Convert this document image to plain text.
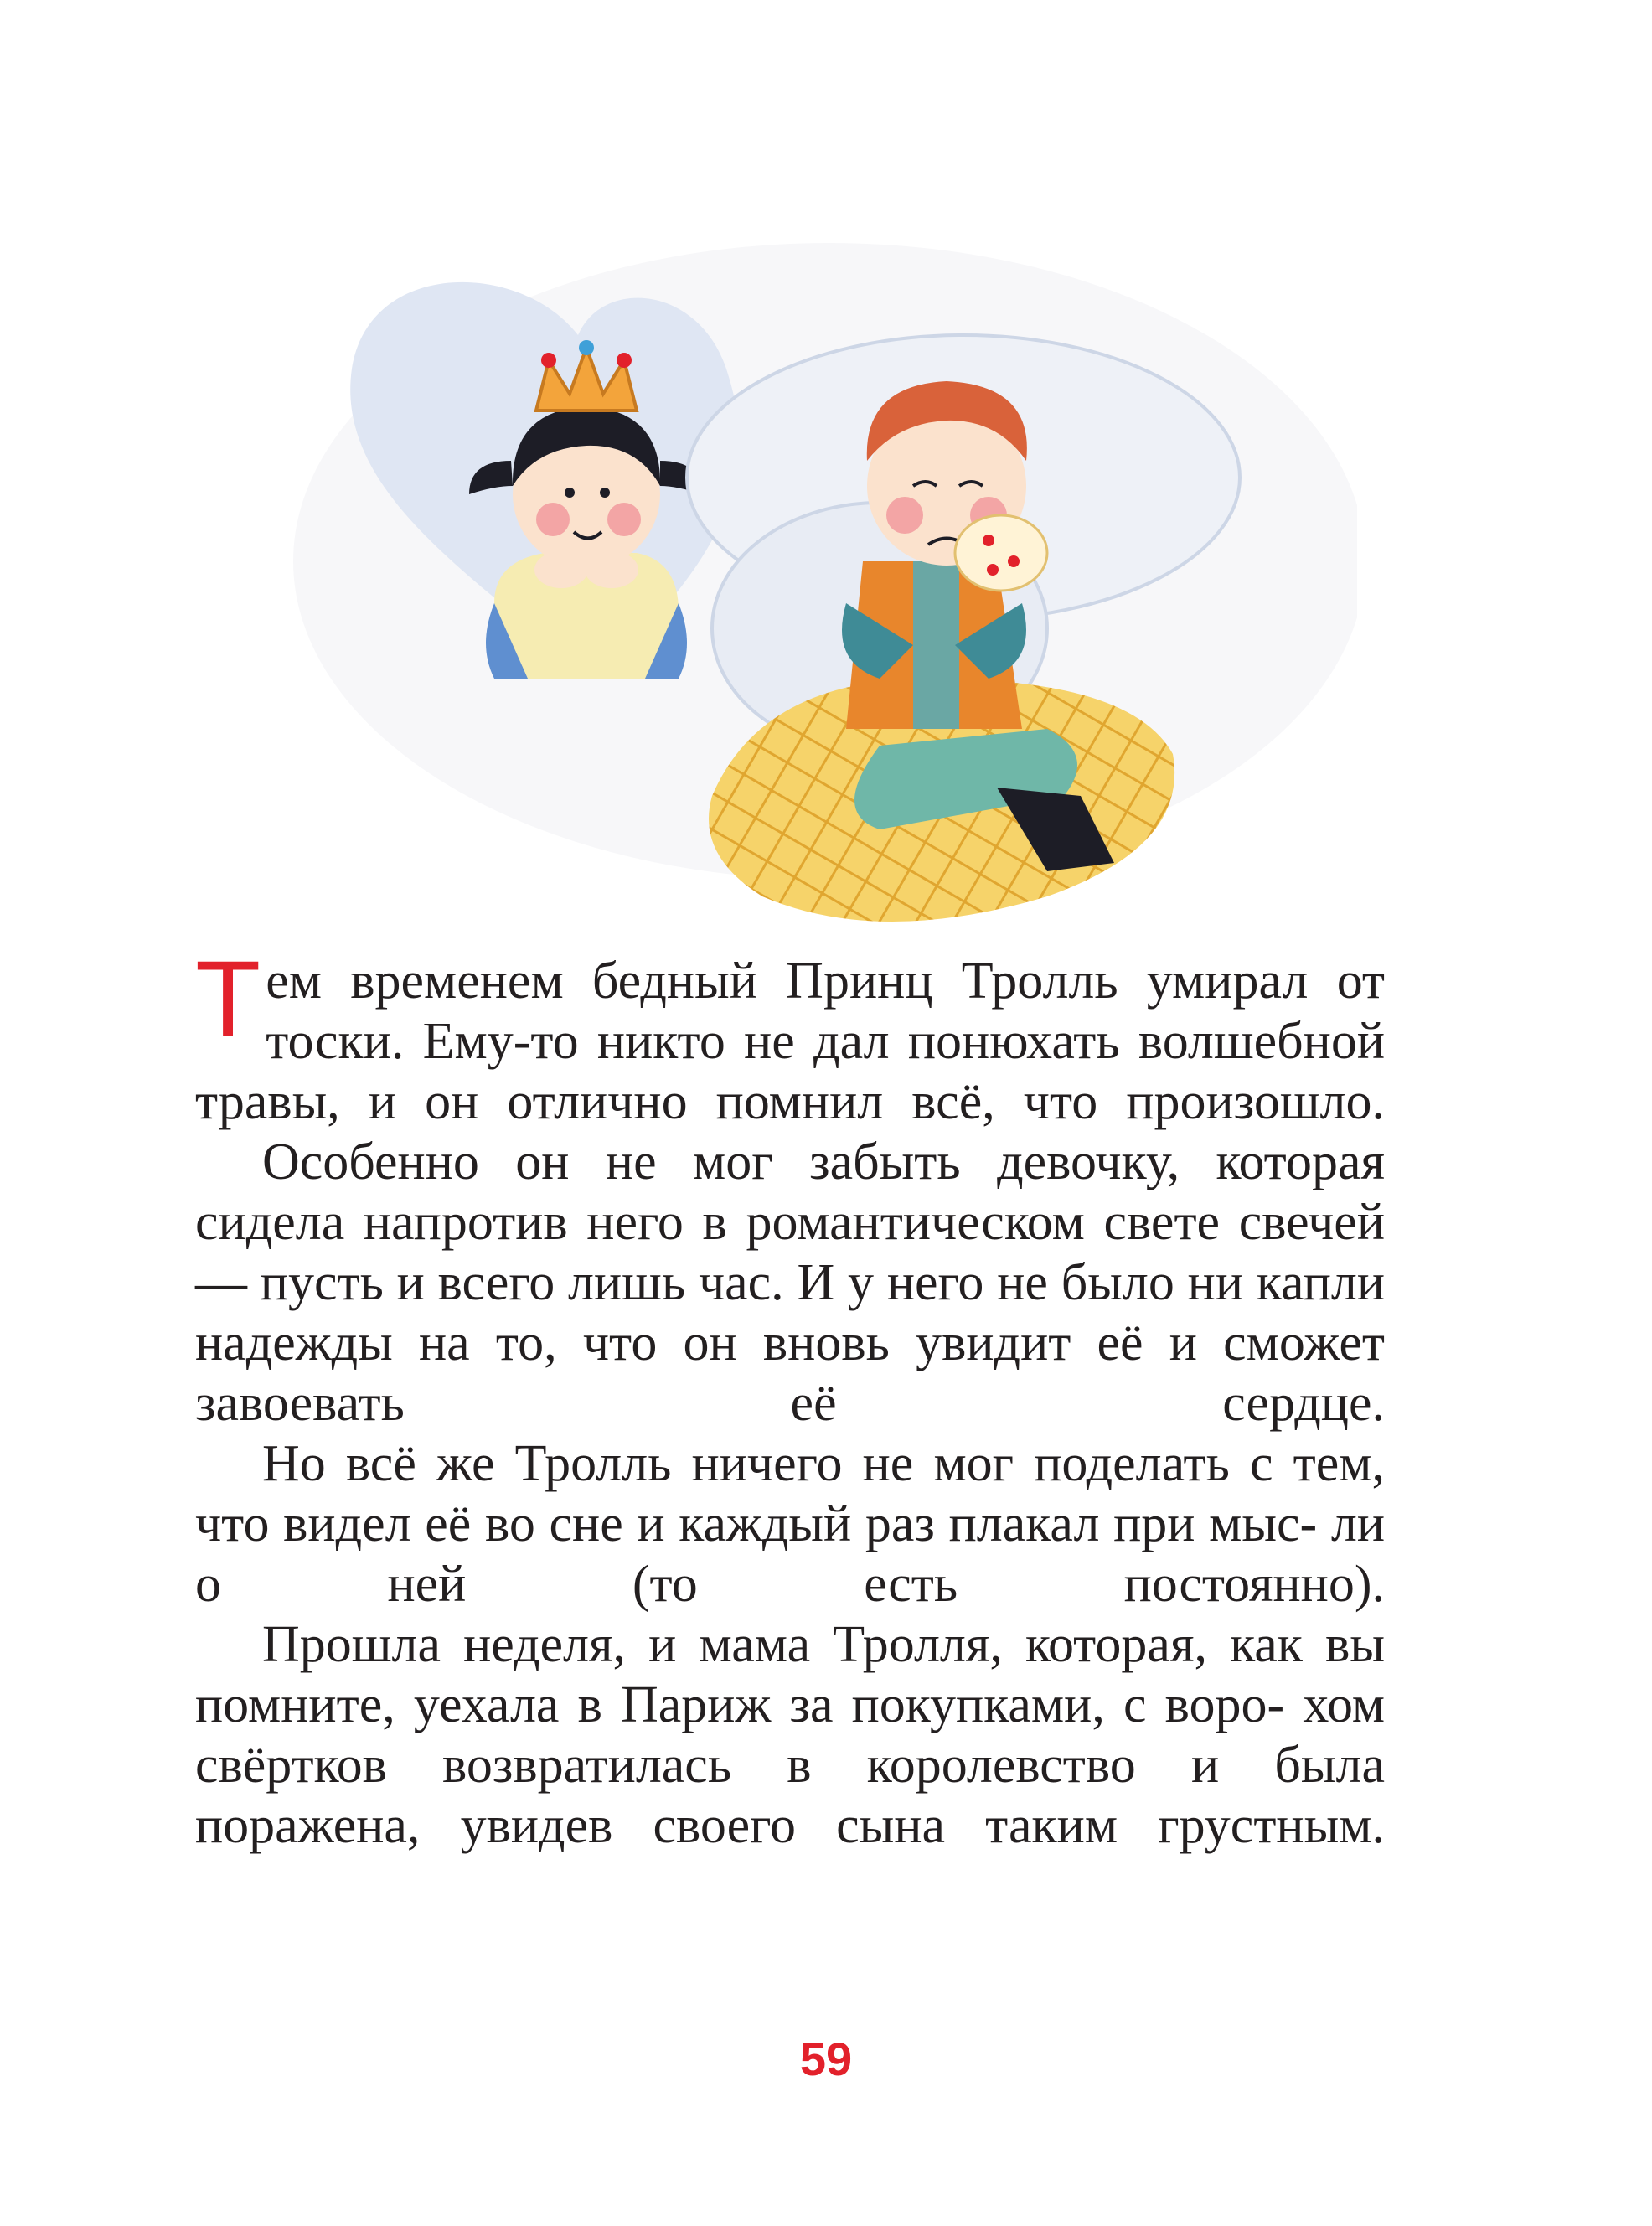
Тем временем бедный Принц Тролль умирал от тоски. Ему-то никто не дал понюхать волшебной травы, и он отлично помнил всё, что произошло.

Особенно он не мог забыть девочку, которая сидела напротив него в романтическом свете свечей — пусть и всего лишь час. И у него не было ни капли надежды на то, что он вновь увидит её и сможет завоевать её сердце.

Но всё же Тролль ничего не мог поделать с тем, что видел её во сне и каждый раз плакал при мыс- ли о ней (то есть постоянно).

Прошла неделя, и мама Тролля, которая, как вы помните, уехала в Париж за покупками, с воро- хом свёртков возвратилась в королевство и была поражена, увидев своего сына таким грустным.

59
